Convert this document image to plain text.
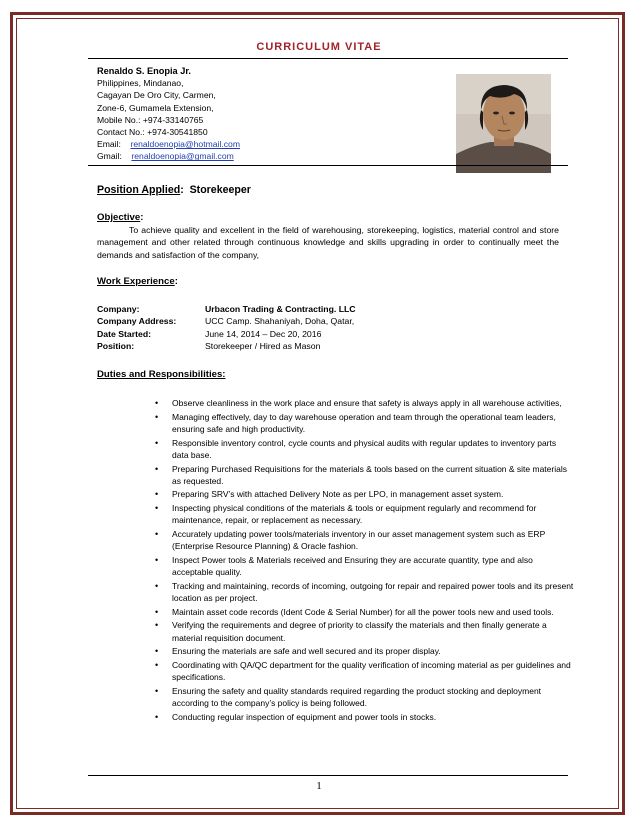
CURRICULUM VITAE
Renaldo S. Enopia Jr.
Philippines, Mindanao,
Cagayan De Oro City, Carmen,
Zone-6, Gumamela Extension,
Mobile No.: +974-33140765
Contact No.: +974-30541850
Email: renaldoenopia@hotmail.com
Gmail: renaldoenopia@gmail.com
Position Applied: Storekeeper
Objective:
To achieve quality and excellent in the field of warehousing, storekeeping, logistics, material control and store management and other related through continuous knowledge and skills upgrading in order to continually meet the demands and satisfaction of the company,
Work Experience:
Company:	Urbacon Trading & Contracting. LLC
Company Address:	UCC Camp. Shahaniyah, Doha, Qatar,
Date Started:	June 14, 2014 – Dec 20, 2016
Position:	Storekeeper / Hired as Mason
Duties and Responsibilities:
• Observe cleanliness in the work place and ensure that safety is always apply in all warehouse activities,
• Managing effectively, day to day warehouse operation and team through the operational team leaders, ensuring safe and high productivity.
• Responsible inventory control, cycle counts and physical audits with regular updates to inventory parts data base.
• Preparing Purchased Requisitions for the materials & tools based on the current situation & site materials as requested.
• Preparing SRV’s with attached Delivery Note as per LPO, in management asset system.
• Inspecting physical conditions of the materials & tools or equipment regularly and recommend for maintenance, repair, or replacement as necessary.
• Accurately updating power tools/materials inventory in our asset management system such as ERP (Enterprise Resource Planning) & Oracle fashion.
• Inspect Power tools & Materials received and Ensuring they are accurate quantity, type and also acceptable quality.
• Tracking and maintaining, records of incoming, outgoing for repair and repaired power tools and its present location as per project.
• Maintain asset code records (Ident Code & Serial Number) for all the power tools new and used tools.
• Verifying the requirements and degree of priority to classify the materials and then finally generate a material requisition document.
• Ensuring the materials are safe and well secured and its proper display.
• Coordinating with QA/QC department for the quality verification of incoming material as per guidelines and specifications.
• Ensuring the safety and quality standards required regarding the product stocking and deployment according to the company’s policy is being followed.
• Conducting regular inspection of equipment and power tools in stocks.
1
